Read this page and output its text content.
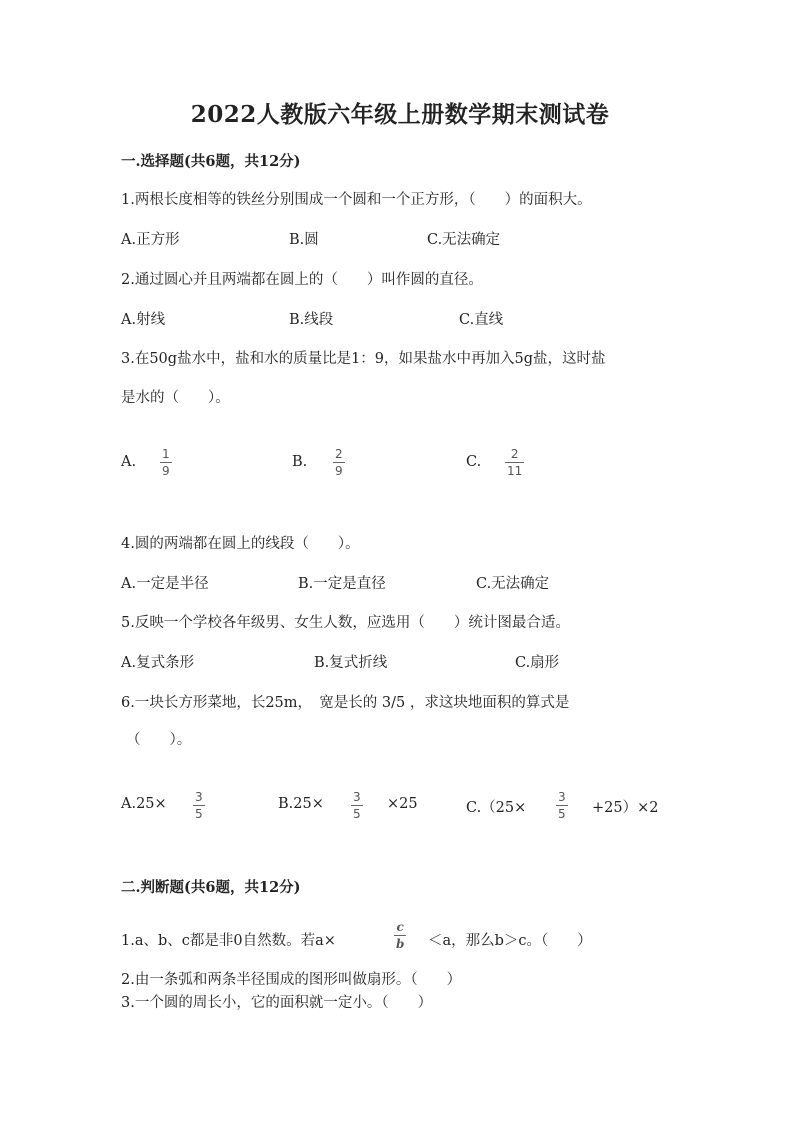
2022人教版六年级上册数学期末测试卷
一.选择题(共6题，共12分)
1.两根长度相等的铁丝分别围成一个圆和一个正方形，（　　）的面积大。
A.正方形	B.圆	C.无法确定
2.通过圆心并且两端都在圆上的（　　）叫作圆的直径。
A.射线	B.线段	C.直线
3.在50g盐水中，盐和水的质量比是1：9，如果盐水中再加入5g盐，这时盐
是水的（　　）。
A. 1
9
B. 2
9
C. 2
11
4.圆的两端都在圆上的线段（　　）。
A.一定是半径	B.一定是直径	C.无法确定
5.反映一个学校各年级男、女生人数，应选用（　　）统计图最合适。
A.复式条形	B.复式折线	C.扇形
6.一块长方形菜地，长25m，　宽是长的 3/5 ，求这块地面积的算式是
（　　）。
A.25× 3
5
B.25× 3
5
×25	C.（25×
3
5 +25）×2
二.判断题(共6题，共12分)
1.a、b、c都是非0自然数。若a×
c
b ＜a，那么b＞c。（　　）
2.由一条弧和两条半径围成的图形叫做扇形。（　　）
3.一个圆的周长小，它的面积就一定小。（　　）
